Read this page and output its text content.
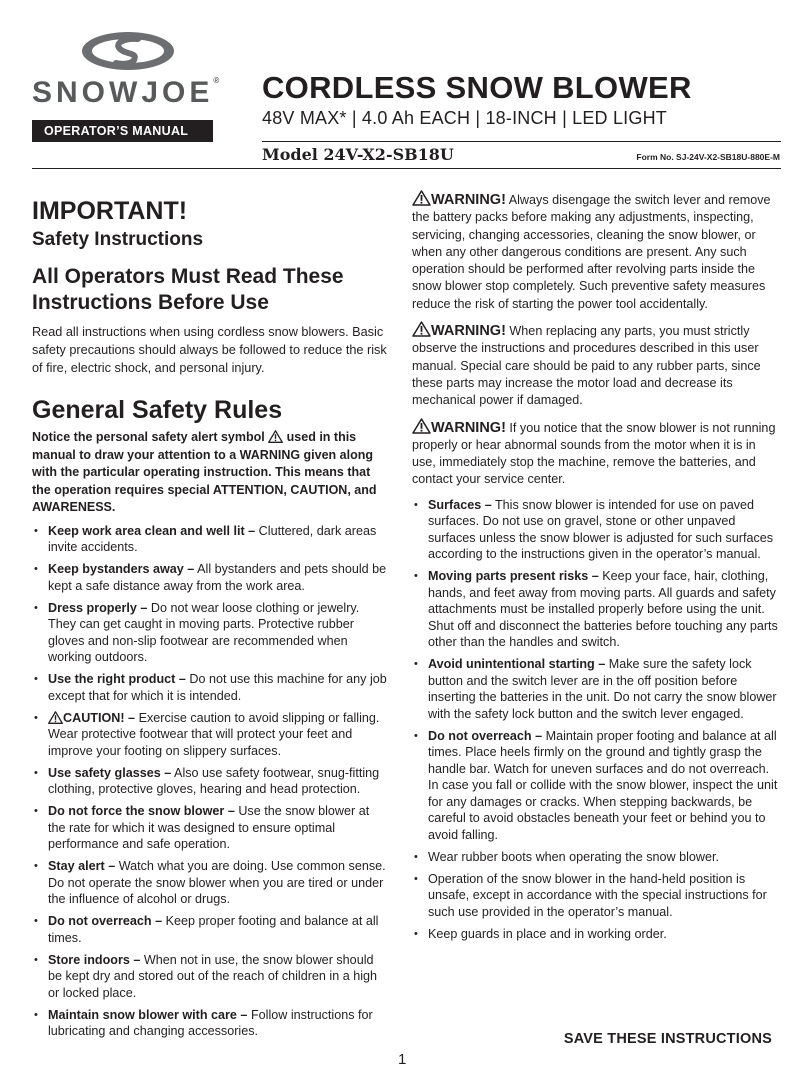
SNOWJOE® CORDLESS SNOW BLOWER
48V MAX* | 4.0 Ah EACH | 18-INCH | LED LIGHT
OPERATOR’S MANUAL
Model 24V-X2-SB18U	Form No. SJ-24V-X2-SB18U-880E-M
IMPORTANT!
Safety Instructions
All Operators Must Read These Instructions Before Use

Read all instructions when using cordless snow blowers. Basic safety precautions should always be followed to reduce the risk of fire, electric shock, and personal injury.

General Safety Rules

Notice the personal safety alert symbol  used in this manual to draw your attention to a WARNING given along with the particular operating instruction. This means that the operation requires special ATTENTION, CAUTION, and AWARENESS.

• Keep work area clean and well lit – Cluttered, dark areas invite accidents.
• Keep bystanders away – All bystanders and pets should be kept a safe distance away from the work area.
• Dress properly – Do not wear loose clothing or jewelry. They can get caught in moving parts. Protective rubber gloves and non-slip footwear are recommended when working outdoors.
• Use the right product – Do not use this machine for any job except that for which it is intended.
• CAUTION! – Exercise caution to avoid slipping or falling. Wear protective footwear that will protect your feet and improve your footing on slippery surfaces.
• Use safety glasses – Also use safety footwear, snug-fitting clothing, protective gloves, hearing and head protection.
• Do not force the snow blower – Use the snow blower at the rate for which it was designed to ensure optimal performance and safe operation.
• Stay alert – Watch what you are doing. Use common sense. Do not operate the snow blower when you are tired or under the influence of alcohol or drugs.
• Do not overreach – Keep proper footing and balance at all times.
• Store indoors – When not in use, the snow blower should be kept dry and stored out of the reach of children in a high or locked place.
• Maintain snow blower with care – Follow instructions for lubricating and changing accessories.

WARNING! Always disengage the switch lever and remove the battery packs before making any adjustments, inspecting, servicing, changing accessories, cleaning the snow blower, or when any other dangerous conditions are present. Any such operation should be performed after revolving parts inside the snow blower stop completely. Such preventive safety measures reduce the risk of starting the power tool accidentally.

WARNING! When replacing any parts, you must strictly observe the instructions and procedures described in this user manual. Special care should be paid to any rubber parts, since these parts may increase the motor load and decrease its mechanical power if damaged.

WARNING! If you notice that the snow blower is not running properly or hear abnormal sounds from the motor when it is in use, immediately stop the machine, remove the batteries, and contact your service center.

• Surfaces – This snow blower is intended for use on paved surfaces. Do not use on gravel, stone or other unpaved surfaces unless the snow blower is adjusted for such surfaces according to the instructions given in the operator’s manual.
• Moving parts present risks – Keep your face, hair, clothing, hands, and feet away from moving parts. All guards and safety attachments must be installed properly before using the unit. Shut off and disconnect the batteries before touching any parts other than the handles and switch.
• Avoid unintentional starting – Make sure the safety lock button and the switch lever are in the off position before inserting the batteries in the unit. Do not carry the snow blower with the safety lock button and the switch lever engaged.
• Do not overreach – Maintain proper footing and balance at all times. Place heels firmly on the ground and tightly grasp the handle bar. Watch for uneven surfaces and do not overreach. In case you fall or collide with the snow blower, inspect the unit for any damages or cracks. When stepping backwards, be careful to avoid obstacles beneath your feet or behind you to avoid falling.
• Wear rubber boots when operating the snow blower.
• Operation of the snow blower in the hand-held position is unsafe, except in accordance with the special instructions for such use provided in the operator’s manual.
• Keep guards in place and in working order.
SAVE THESE INSTRUCTIONS
1
